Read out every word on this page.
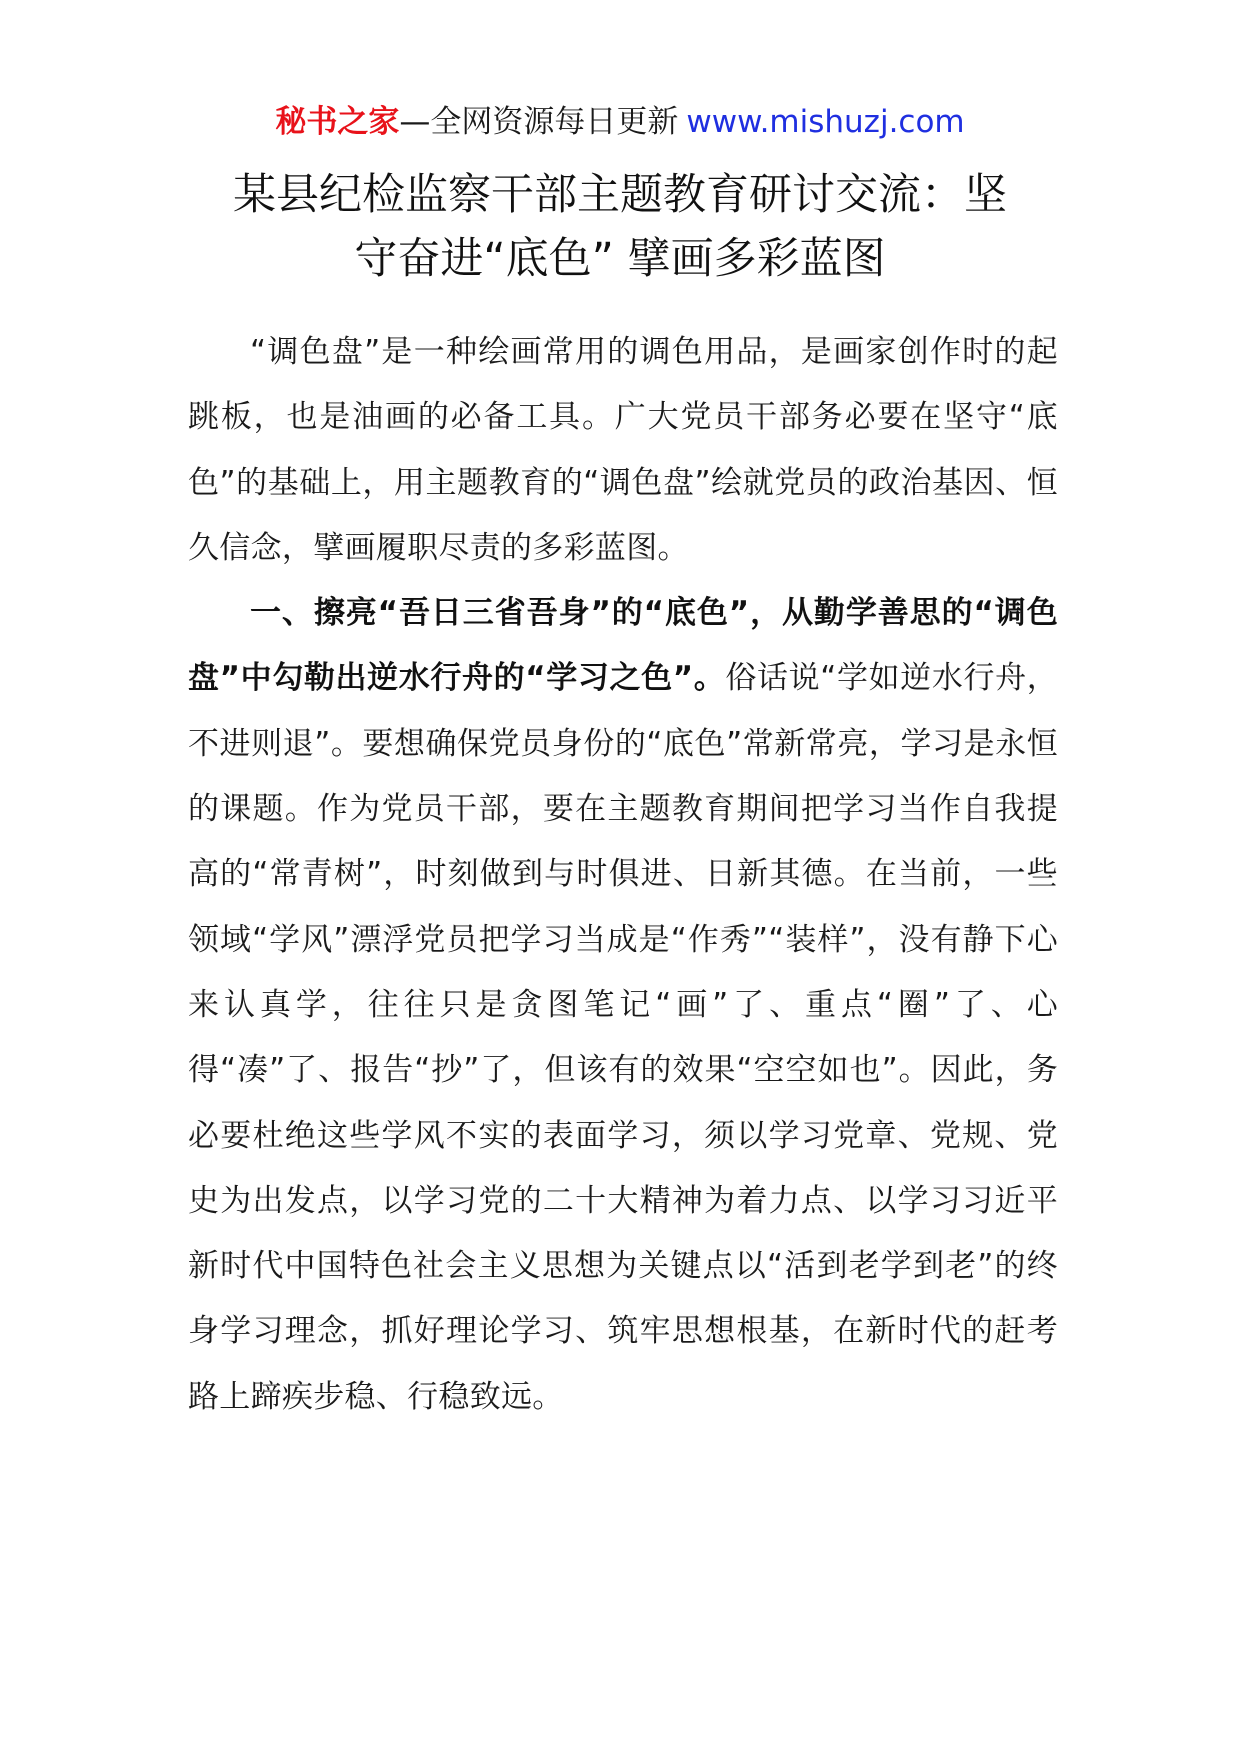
秘书之家—全网资源每日更新 www.mishuzj.com
某县纪检监察干部主题教育研讨交流：坚
守奋进“底色” 擘画多彩蓝图

“调色盘”是一种绘画常用的调色用品，是画家创作时的起跳板，也是油画的必备工具。广大党员干部务必要在坚守“底色”的基础上，用主题教育的“调色盘”绘就党员的政治基因、恒久信念，擘画履职尽责的多彩蓝图。

一、擦亮“吾日三省吾身”的“底色”，从勤学善思的“调色盘”中勾勒出逆水行舟的“学习之色”。俗话说“学如逆水行舟，不进则退”。要想确保党员身份的“底色”常新常亮，学习是永恒的课题。作为党员干部，要在主题教育期间把学习当作自我提高的“常青树”，时刻做到与时俱进、日新其德。在当前，一些领域“学风”漂浮党员把学习当成是“作秀”“装样”，没有静下心来认真学，往往只是贪图笔记“画”了、重点“圈”了、心得“凑”了、报告“抄”了，但该有的效果“空空如也”。因此，务必要杜绝这些学风不实的表面学习，须以学习党章、党规、党史为出发点，以学习党的二十大精神为着力点、以学习习近平新时代中国特色社会主义思想为关键点以“活到老学到老”的终身学习理念，抓好理论学习、筑牢思想根基，在新时代的赶考路上蹄疾步稳、行稳致远。
